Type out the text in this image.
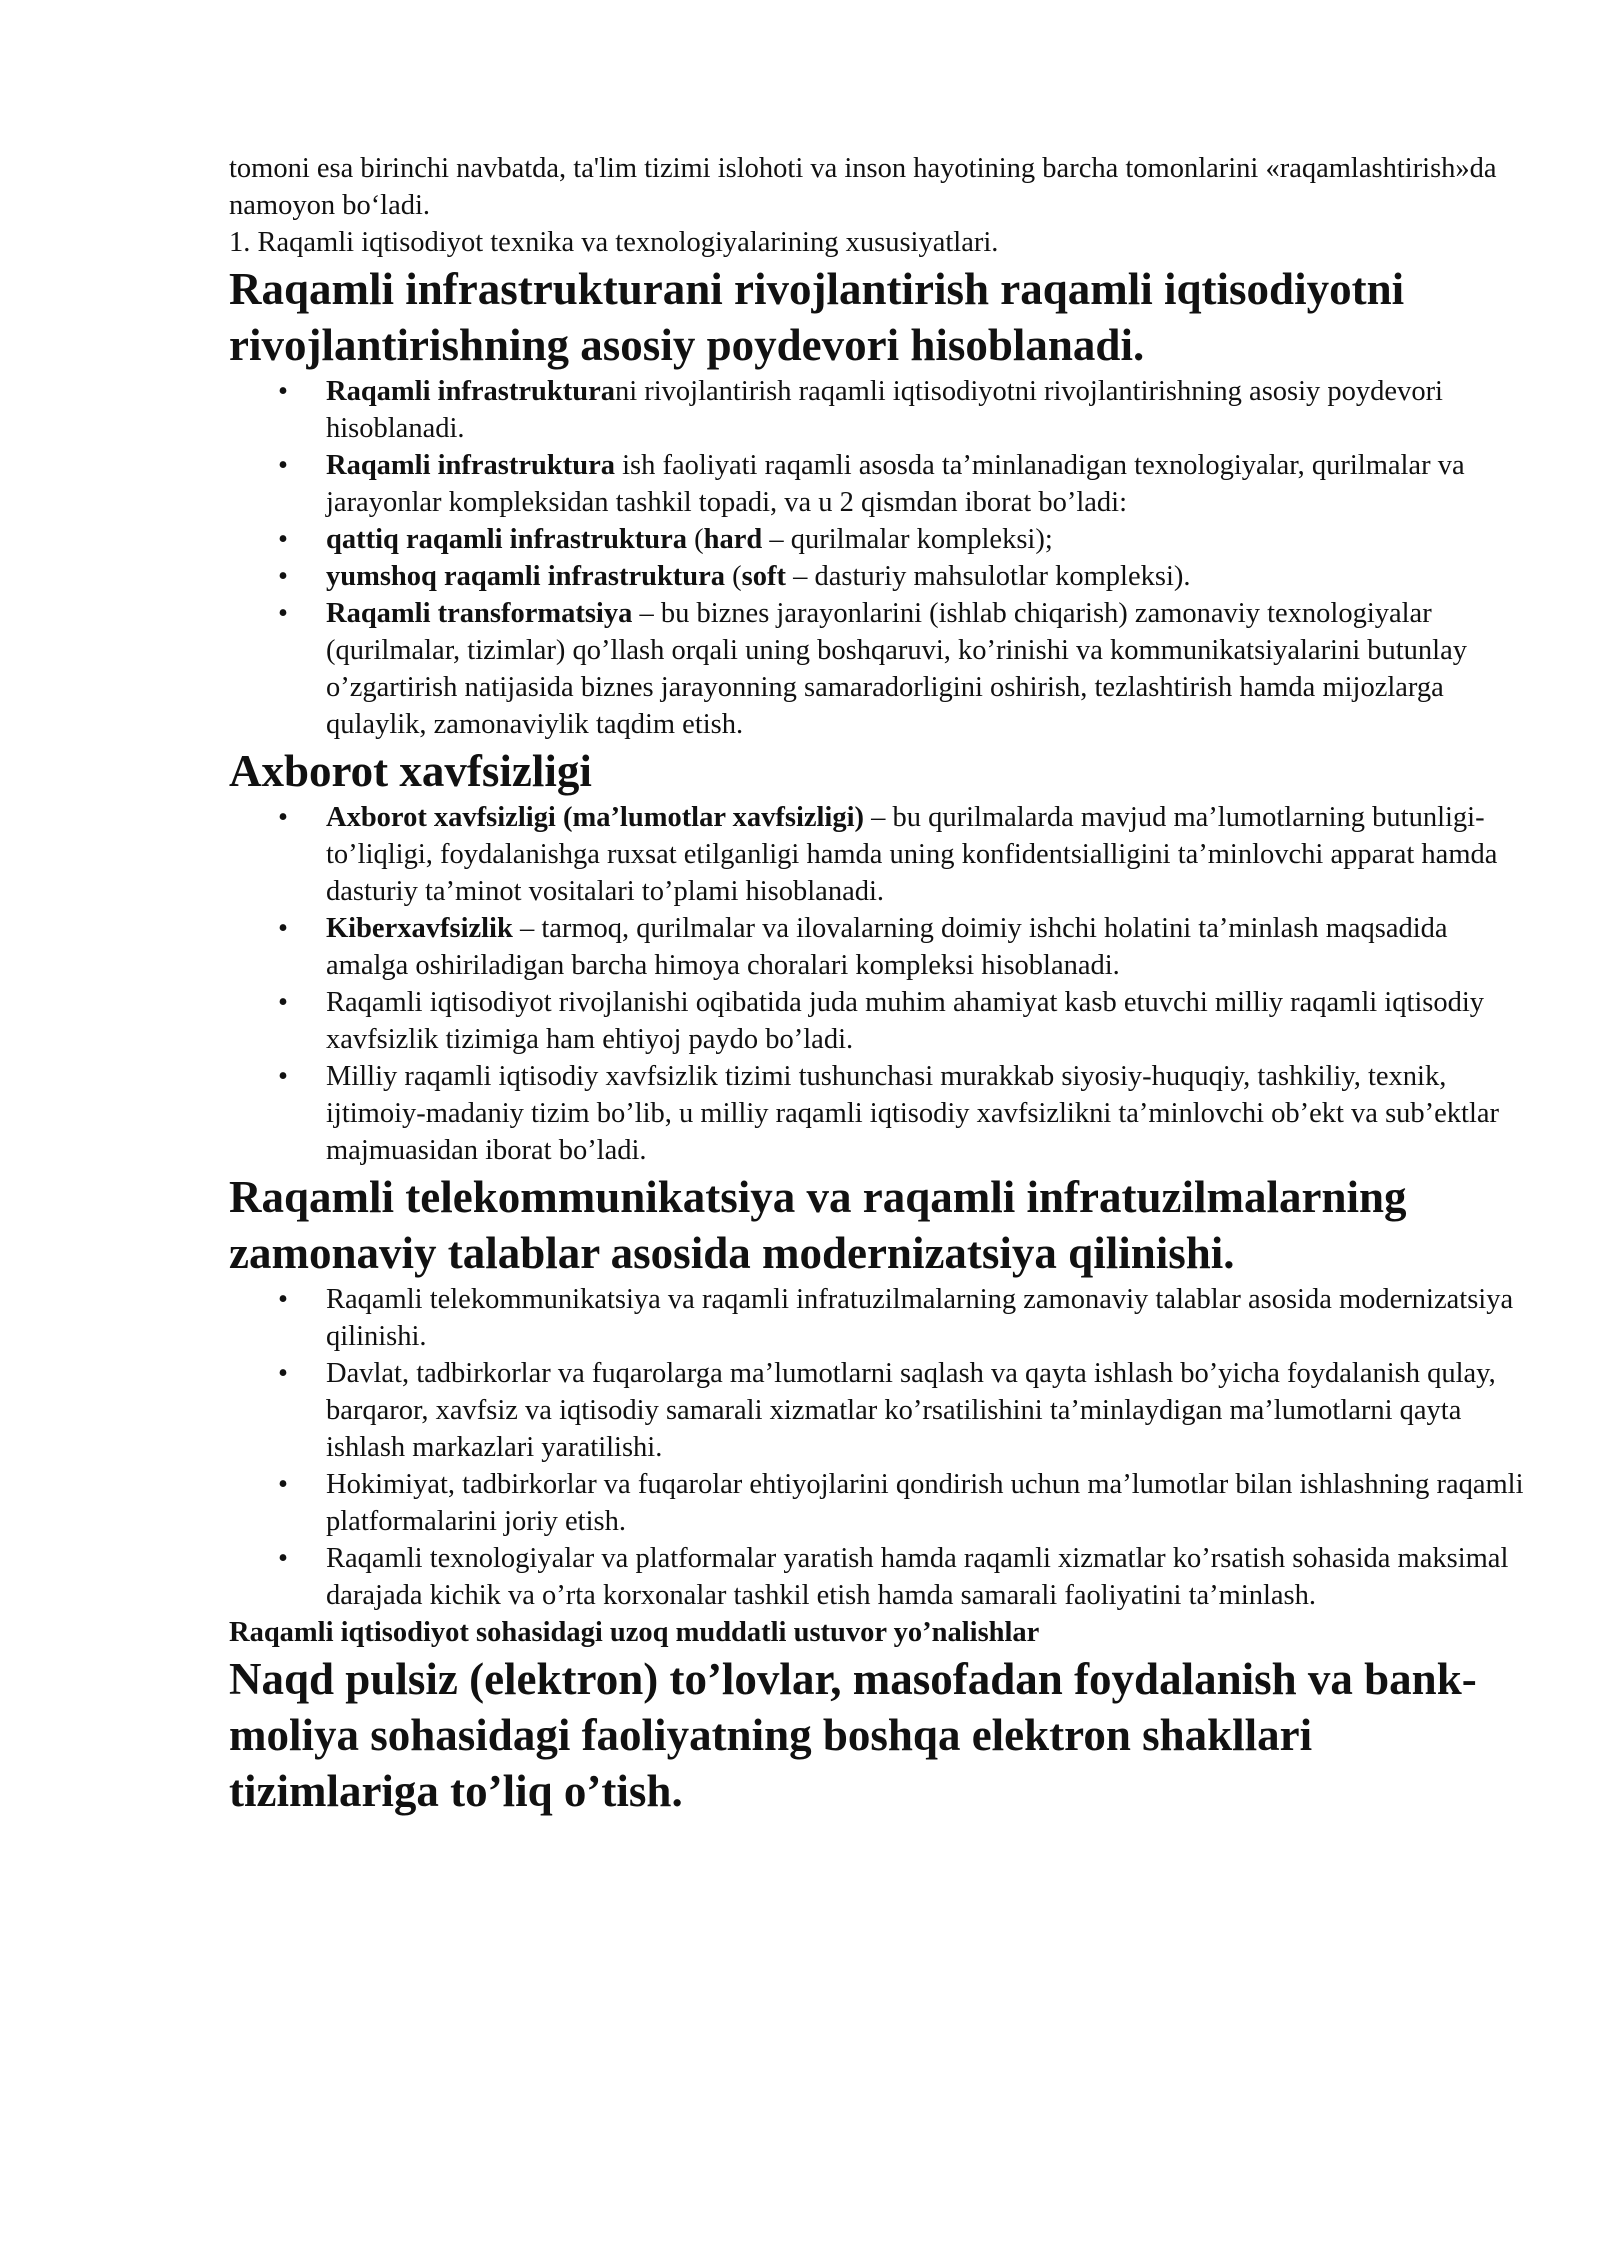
tomoni esa birinchi navbatda, ta'lim tizimi islohoti va inson hayotining barcha tomonlarini «raqamlashtirish»da namoyon bo‘ladi.

1. Raqamli iqtisodiyot texnika va texnologiyalarining xususiyatlari.

Raqamli infrastrukturani rivojlantirish raqamli iqtisodiyotni rivojlantirishning asosiy poydevori hisoblanadi.
• Raqamli infrastrukturani rivojlantirish raqamli iqtisodiyotni rivojlantirishning asosiy poydevori hisoblanadi.
• Raqamli infrastruktura ish faoliyati raqamli asosda ta’minlanadigan texnologiyalar, qurilmalar va jarayonlar kompleksidan tashkil topadi, va u 2 qismdan iborat bo’ladi:
• qattiq raqamli infrastruktura (hard – qurilmalar kompleksi);
• yumshoq raqamli infrastruktura (soft – dasturiy mahsulotlar kompleksi).
• Raqamli transformatsiya – bu biznes jarayonlarini (ishlab chiqarish) zamonaviy texnologiyalar (qurilmalar, tizimlar) qo’llash orqali uning boshqaruvi, ko’rinishi va kommunikatsiyalarini butunlay o’zgartirish natijasida biznes jarayonning samaradorligini oshirish, tezlashtirish hamda mijozlarga qulaylik, zamonaviylik taqdim etish.
Axborot xavfsizligi
• Axborot xavfsizligi (ma’lumotlar xavfsizligi) – bu qurilmalarda mavjud ma’lumotlarning butunligi-to’liqligi, foydalanishga ruxsat etilganligi hamda uning konfidentsialligini ta’minlovchi apparat hamda dasturiy ta’minot vositalari to’plami hisoblanadi.
• Kiberxavfsizlik – tarmoq, qurilmalar va ilovalarning doimiy ishchi holatini ta’minlash maqsadida amalga oshiriladigan barcha himoya choralari kompleksi hisoblanadi.
• Raqamli iqtisodiyot rivojlanishi oqibatida juda muhim ahamiyat kasb etuvchi milliy raqamli iqtisodiy xavfsizlik tizimiga ham ehtiyoj paydo bo’ladi.
• Milliy raqamli iqtisodiy xavfsizlik tizimi tushunchasi murakkab siyosiy-huquqiy, tashkiliy, texnik, ijtimoiy-madaniy tizim bo’lib, u milliy raqamli iqtisodiy xavfsizlikni ta’minlovchi ob’ekt va sub’ektlar majmuasidan iborat bo’ladi.
Raqamli telekommunikatsiya va raqamli infratuzilmalarning zamonaviy talablar asosida modernizatsiya qilinishi.
• Raqamli telekommunikatsiya va raqamli infratuzilmalarning zamonaviy talablar asosida modernizatsiya qilinishi.
• Davlat, tadbirkorlar va fuqarolarga ma’lumotlarni saqlash va qayta ishlash bo’yicha foydalanish qulay, barqaror, xavfsiz va iqtisodiy samarali xizmatlar ko’rsatilishini ta’minlaydigan ma’lumotlarni qayta ishlash markazlari yaratilishi.
• Hokimiyat, tadbirkorlar va fuqarolar ehtiyojlarini qondirish uchun ma’lumotlar bilan ishlashning raqamli platformalarini joriy etish.
• Raqamli texnologiyalar va platformalar yaratish hamda raqamli xizmatlar ko’rsatish sohasida maksimal darajada kichik va o’rta korxonalar tashkil etish hamda samarali faoliyatini ta’minlash.
Raqamli iqtisodiyot sohasidagi uzoq muddatli ustuvor yo’nalishlar
Naqd pulsiz (elektron) to’lovlar, masofadan foydalanish va bank-moliya sohasidagi faoliyatning boshqa elektron shakllari tizimlariga to’liq o’tish.
